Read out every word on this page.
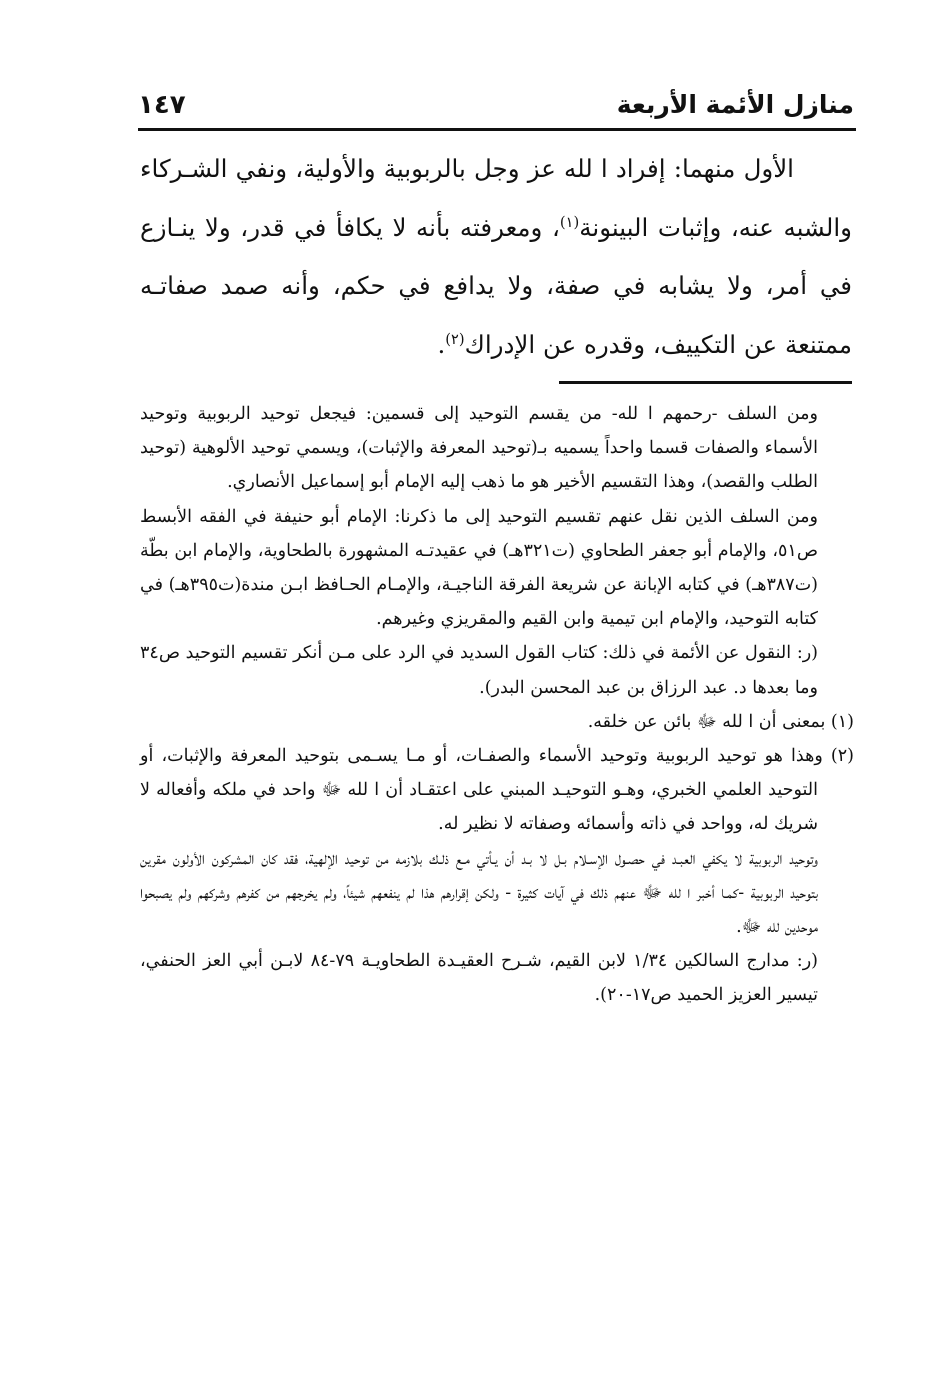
منازل الأئمة الأربعة
١٤٧

الأول منهما: إفراد ا لله عز وجل بالربوبية والأولية، ونفي الشـركاء والشبه عنه، وإثبات البينونة$^{(١)}$، ومعرفته بأنه لا يكافأ في قدر، ولا ينـازع في أمر، ولا يشابه في صفة، ولا يدافع في حكم، وأنه صمد صفاتـه ممتنعة عن التكييف، وقدره عن الإدراك$^{(٢)}$.

ومن السلف -رحمهم ا لله- من يقسم التوحيد إلى قسمين: فيجعل توحيد الربوبية وتوحيد الأسماء والصفات قسما واحداً يسميه بـ(توحيد المعرفة والإثبات)، ويسمي توحيد الألوهية (توحيد الطلب والقصد)، وهذا التقسيم الأخير هو ما ذهب إليه الإمام أبو إسماعيل الأنصاري.

ومن السلف الذين نقل عنهم تقسيم التوحيد إلى ما ذكرنا: الإمام أبو حنيفة في الفقه الأبسط ص٥١، والإمام أبو جعفر الطحاوي (ت٣٢١هـ) في عقيدتـه المشهورة بالطحاوية، والإمام ابن بطّة (ت٣٨٧هـ) في كتابه الإبانة عن شريعة الفرقة الناجيـة، والإمـام الحـافظ ابـن مندة(ت٣٩٥هـ) في كتابه التوحيد، والإمام ابن تيمية وابن القيم والمقريزي وغيرهم.

(ر: النقول عن الأئمة في ذلك: كتاب القول السديد في الرد على مـن أنكر تقسيم التوحيد ص٣٤ وما بعدها د. عبد الرزاق بن عبد المحسن البدر).

(١) بمعنى أن ا لله ﷻ بائن عن خلقه.

(٢) وهذا هو توحيد الربوبية وتوحيد الأسماء والصفـات، أو مـا يسـمى بتوحيد المعرفة والإثبات، أو التوحيد العلمي الخبري، وهـو التوحيـد المبني على اعتقـاد أن ا لله ﷻ واحد في ملكه وأفعاله لا شريك له، وواحد في ذاته وأسمائه وصفاته لا نظير له.

وتوحيد الربوبية لا يكفي العبـد في حصـول الإسـلام بـل لا بـد أن يـأتي مـع ذلـك بلازمه من توحيد الإلهية، فقد كان المشركون الأولون مقرين بتوحيد الربوبية -كمـا أخبر ا لله ﷻ عنهم ذلك في آيات كثيرة - ولكن إقرارهم هذا لم ينفعهم شيئاً، ولم يخرجهم من كفرهم وشركهم ولم يصبحوا موحدين لله ﷻ.

(ر: مدارج السالكين ١/٣٤ لابن القيم، شـرح العقيـدة الطحاويـة ٧٩-٨٤ لابـن أبي العز الحنفي، تيسير العزيز الحميد ص١٧-٢٠).
